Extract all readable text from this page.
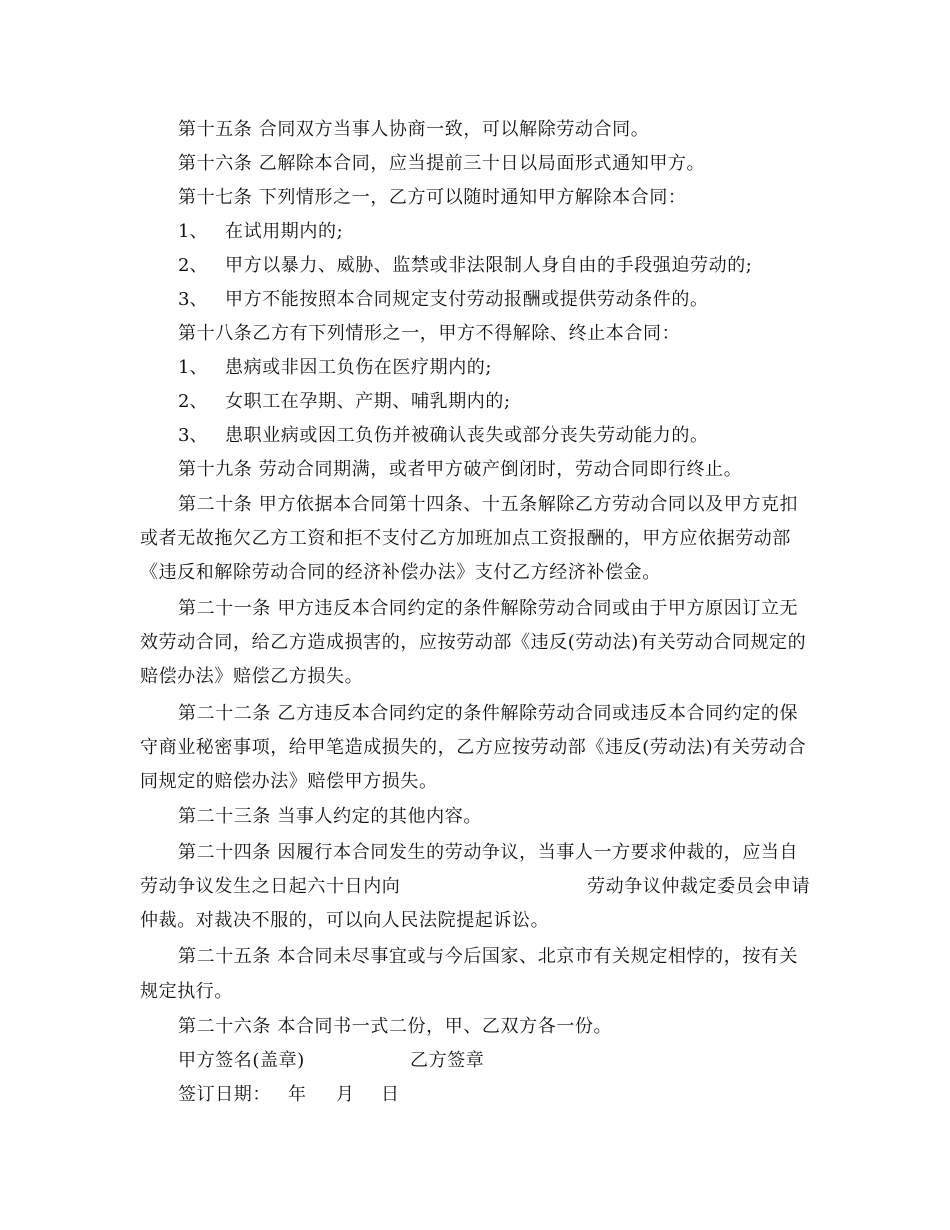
第十五条 合同双方当事人协商一致，可以解除劳动合同。
第十六条 乙解除本合同，应当提前三十日以局面形式通知甲方。
第十七条 下列情形之一，乙方可以随时通知甲方解除本合同：
1、 在试用期内的;
2、 甲方以暴力、威胁、监禁或非法限制人身自由的手段强迫劳动的;
3、 甲方不能按照本合同规定支付劳动报酬或提供劳动条件的。
第十八条乙方有下列情形之一，甲方不得解除、终止本合同：
1、 患病或非因工负伤在医疗期内的;
2、 女职工在孕期、产期、哺乳期内的;
3、 患职业病或因工负伤并被确认丧失或部分丧失劳动能力的。
第十九条 劳动合同期满，或者甲方破产倒闭时，劳动合同即行终止。
第二十条 甲方依据本合同第十四条、十五条解除乙方劳动合同以及甲方克扣
或者无故拖欠乙方工资和拒不支付乙方加班加点工资报酬的，甲方应依据劳动部
《违反和解除劳动合同的经济补偿办法》支付乙方经济补偿金。
第二十一条 甲方违反本合同约定的条件解除劳动合同或由于甲方原因订立无
效劳动合同，给乙方造成损害的，应按劳动部《违反(劳动法)有关劳动合同规定的
赔偿办法》赔偿乙方损失。
第二十二条 乙方违反本合同约定的条件解除劳动合同或违反本合同约定的保
守商业秘密事项，给甲笔造成损失的，乙方应按劳动部《违反(劳动法)有关劳动合
同规定的赔偿办法》赔偿甲方损失。
第二十三条 当事人约定的其他内容。
第二十四条 因履行本合同发生的劳动争议，当事人一方要求仲裁的，应当自
劳动争议发生之日起六十日内向	劳动争议仲裁定委员会申请
仲裁。对裁决不服的，可以向人民法院提起诉讼。
第二十五条 本合同未尽事宜或与今后国家、北京市有关规定相悖的，按有关
规定执行。
第二十六条 本合同书一式二份，甲、乙双方各一份。
甲方签名(盖章)	乙方签章
签订日期： 年 月 日
